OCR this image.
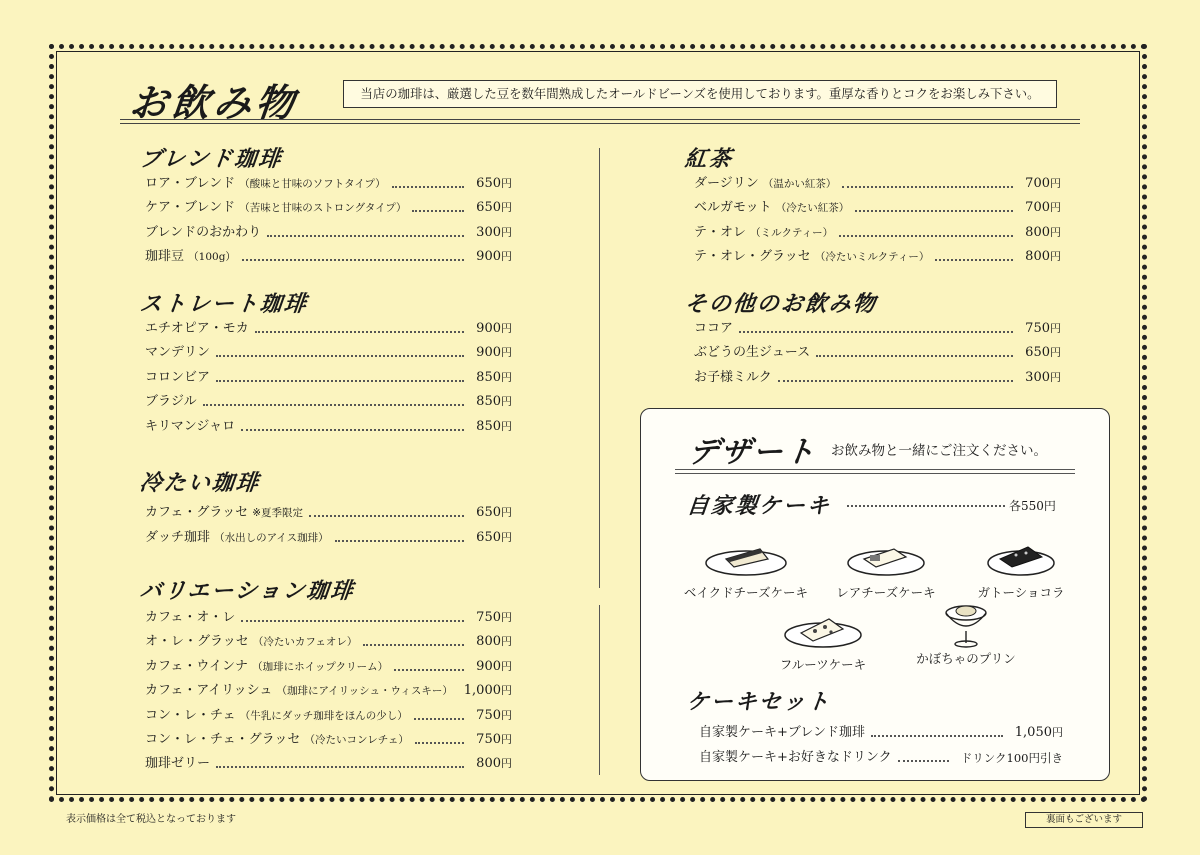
お飲み物	当店の珈琲は、厳選した豆を数年間熟成したオールドビーンズを使用しております。重厚な香りとコクをお楽しみ下さい。
ブレンド珈琲
ストレート珈琲
冷たい珈琲
バリエーション珈琲
紅茶
その他のお飲み物
デザート お飲み物と一緒にご注文ください。
自家製ケーキ	各550円
ベイクドチーズケーキ	レアチーズケーキ	ガトーショコラ
フルーツケーキ	かぼちゃのプリン
ケーキセット
自家製ケーキ+ブレンド珈琲	1,050円
自家製ケーキ+お好きなドリンク	ドリンク100円引き
表示価格は全て税込となっております	裏面もございます
ロア・ブレンド （酸味と甘味のソフトタイプ）	650円
ケア・ブレンド （苦味と甘味のストロングタイプ）	650円
ブレンドのおかわり	300円
珈琲豆 （100g）	900円
エチオピア・モカ	900円
マンデリン	900円
コロンビア	850円
ブラジル	850円
キリマンジャロ	850円
カフェ・グラッセ ※夏季限定	650円
ダッチ珈琲 （水出しのアイス珈琲）	650円
カフェ・オ・レ	750円
オ・レ・グラッセ （冷たいカフェオレ）	800円
カフェ・ウインナ （珈琲にホイップクリーム）	900円
カフェ・アイリッシュ （珈琲にアイリッシュ・ウィスキー） 1,000円
コン・レ・チェ （牛乳にダッチ珈琲をほんの少し）	750円
コン・レ・チェ・グラッセ （冷たいコンレチェ）	750円
珈琲ゼリー	800円
ダージリン （温かい紅茶）	700円
ベルガモット （冷たい紅茶）	700円
テ・オレ （ミルクティー）	800円
テ・オレ・グラッセ （冷たいミルクティー）	800円
ココア	750円
ぶどうの生ジュース	650円
お子様ミルク	300円
